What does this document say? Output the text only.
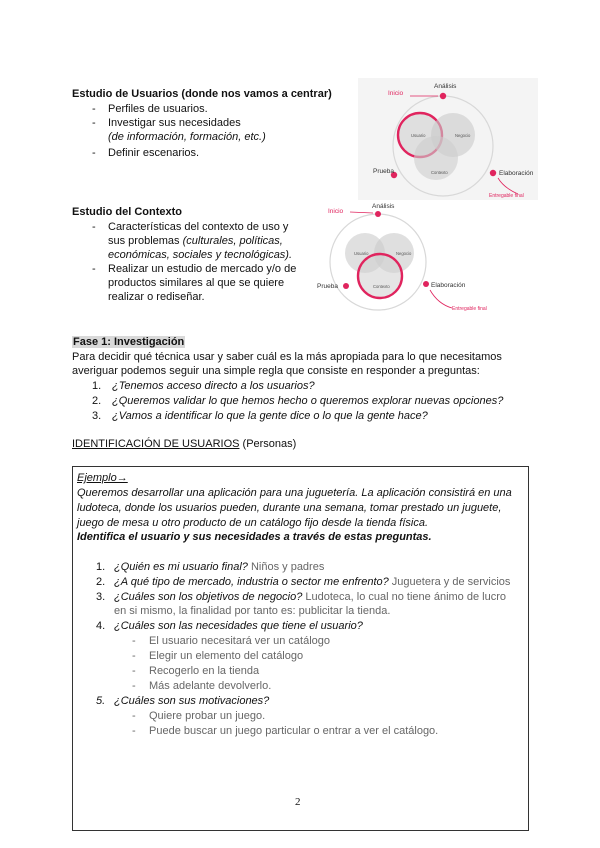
Estudio de Usuarios (donde nos vamos a centrar)
- Perfiles de usuarios.
- Investigar sus necesidades
(de información, formación, etc.)
- Definir escenarios.
Inicio
Análisis
Usuario	Negocio
Contexto
Prueba	Elaboración
Entregable final
Estudio del Contexto
- Características del contexto de uso y
sus problemas (culturales, políticas,
económicas, sociales y tecnológicas).
- Realizar un estudio de mercado y/o de
productos similares al que se quiere
realizar o rediseñar.
Inicio
Análisis
Usuario	Negocio
Contexto
Prueba	Elaboración
Entregable final
Fase 1: Investigación
Para decidir qué técnica usar y saber cuál es la más apropiada para lo que necesitamos
averiguar podemos seguir una simple regla que consiste en responder a preguntas:
1. ¿Tenemos acceso directo a los usuarios?
2. ¿Queremos validar lo que hemos hecho o queremos explorar nuevas opciones?
3. ¿Vamos a identificar lo que la gente dice o lo que la gente hace?
IDENTIFICACIÓN DE USUARIOS (Personas)
Ejemplo→
Queremos desarrollar una aplicación para una juguetería. La aplicación consistirá en una
ludoteca, donde los usuarios pueden, durante una semana, tomar prestado un juguete,
juego de mesa u otro producto de un catálogo fijo desde la tienda física.
Identifica el usuario y sus necesidades a través de estas preguntas.
1. ¿Quién es mi usuario final? Niños y padres
2. ¿A qué tipo de mercado, industria o sector me enfrento? Juguetera y de servicios
3. ¿Cuáles son los objetivos de negocio? Ludoteca, lo cual no tiene ánimo de lucro
en si mismo, la finalidad por tanto es: publicitar la tienda.
4. ¿Cuáles son las necesidades que tiene el usuario?
- El usuario necesitará ver un catálogo
- Elegir un elemento del catálogo
- Recogerlo en la tienda
- Más adelante devolverlo.
5. ¿Cuáles son sus motivaciones?
- Quiere probar un juego.
- Puede buscar un juego particular o entrar a ver el catálogo.
2
